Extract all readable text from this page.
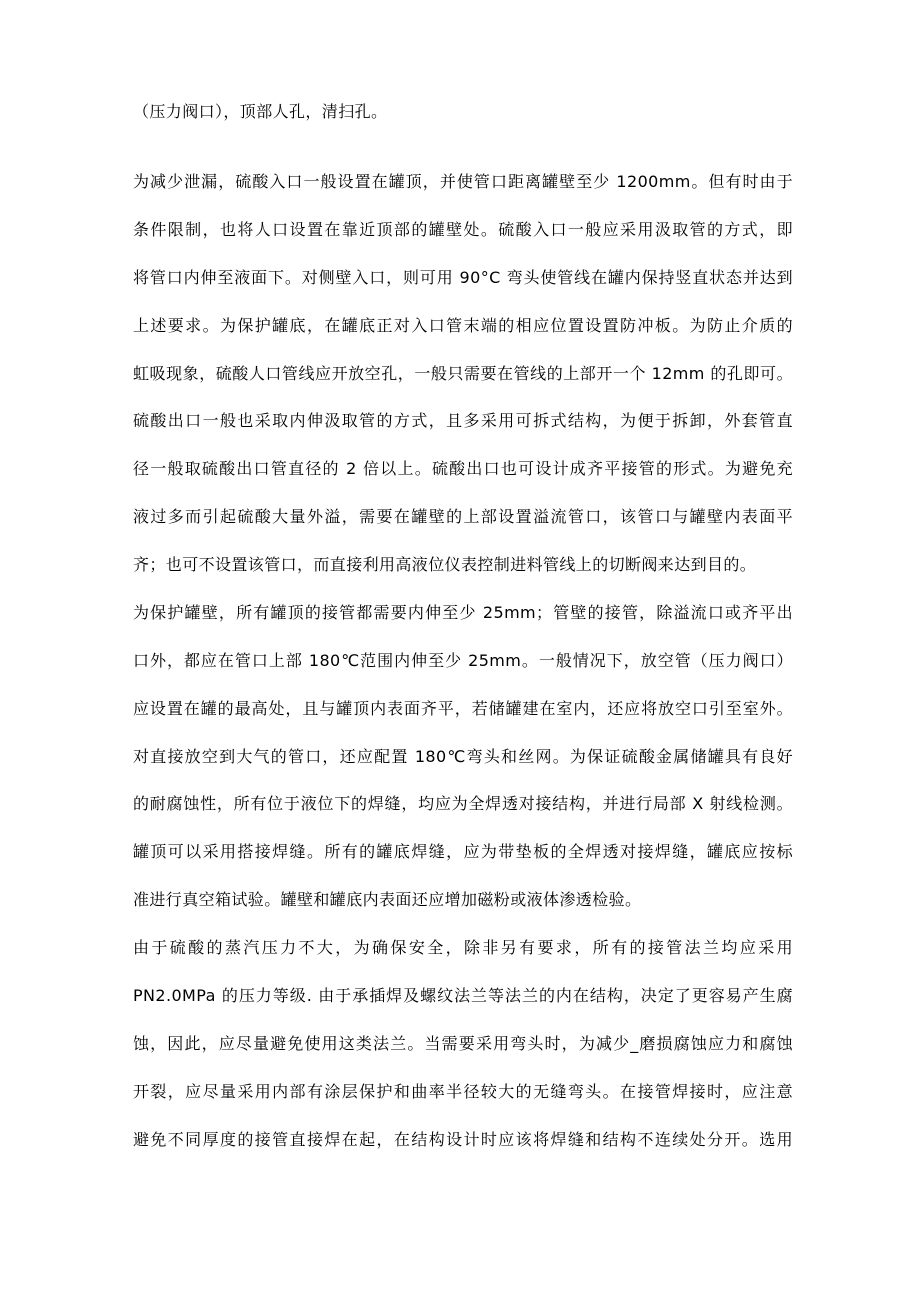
（压力阀口），顶部人孔，清扫孔。
为减少泄漏，硫酸入口一般设置在罐顶，并使管口距离罐壁至少 1200mm。但有时由于
条件限制，也将人口设置在靠近顶部的罐壁处。硫酸入口一般应采用汲取管的方式，即
将管口内伸至液面下。对侧壁入口，则可用 90°C 弯头使管线在罐内保持竖直状态并达到
上述要求。为保护罐底，在罐底正对入口管末端的相应位置设置防冲板。为防止介质的
虹吸现象，硫酸人口管线应开放空孔，一般只需要在管线的上部开一个 12mm 的孔即可。
硫酸出口一般也采取内伸汲取管的方式，且多采用可拆式结构，为便于拆卸，外套管直
径一般取硫酸出口管直径的 2 倍以上。硫酸出口也可设计成齐平接管的形式。为避免充
液过多而引起硫酸大量外溢，需要在罐壁的上部设置溢流管口，该管口与罐壁内表面平
齐；也可不设置该管口，而直接利用高液位仪表控制进料管线上的切断阀来达到目的。
为保护罐壁，所有罐顶的接管都需要内伸至少 25mm；管壁的接管，除溢流口或齐平出
口外，都应在管口上部 180℃范围内伸至少 25mm。一般情况下，放空管（压力阀口）
应设置在罐的最高处，且与罐顶内表面齐平，若储罐建在室内，还应将放空口引至室外。
对直接放空到大气的管口，还应配置 180℃弯头和丝网。为保证硫酸金属储罐具有良好
的耐腐蚀性，所有位于液位下的焊缝，均应为全焊透对接结构，并进行局部 X 射线检测。
罐顶可以采用搭接焊缝。所有的罐底焊缝，应为带垫板的全焊透对接焊缝，罐底应按标
准进行真空箱试验。罐壁和罐底内表面还应增加磁粉或液体渗透检验。
由于硫酸的蒸汽压力不大，为确保安全，除非另有要求，所有的接管法兰均应采用
PN2.0MPa 的压力等级. 由于承插焊及螺纹法兰等法兰的内在结构，决定了更容易产生腐
蚀，因此，应尽量避免使用这类法兰。当需要采用弯头时，为减少_磨损腐蚀应力和腐蚀
开裂，应尽量采用内部有涂层保护和曲率半径较大的无缝弯头。在接管焊接时，应注意
避免不同厚度的接管直接焊在起，在结构设计时应该将焊缝和结构不连续处分开。选用
